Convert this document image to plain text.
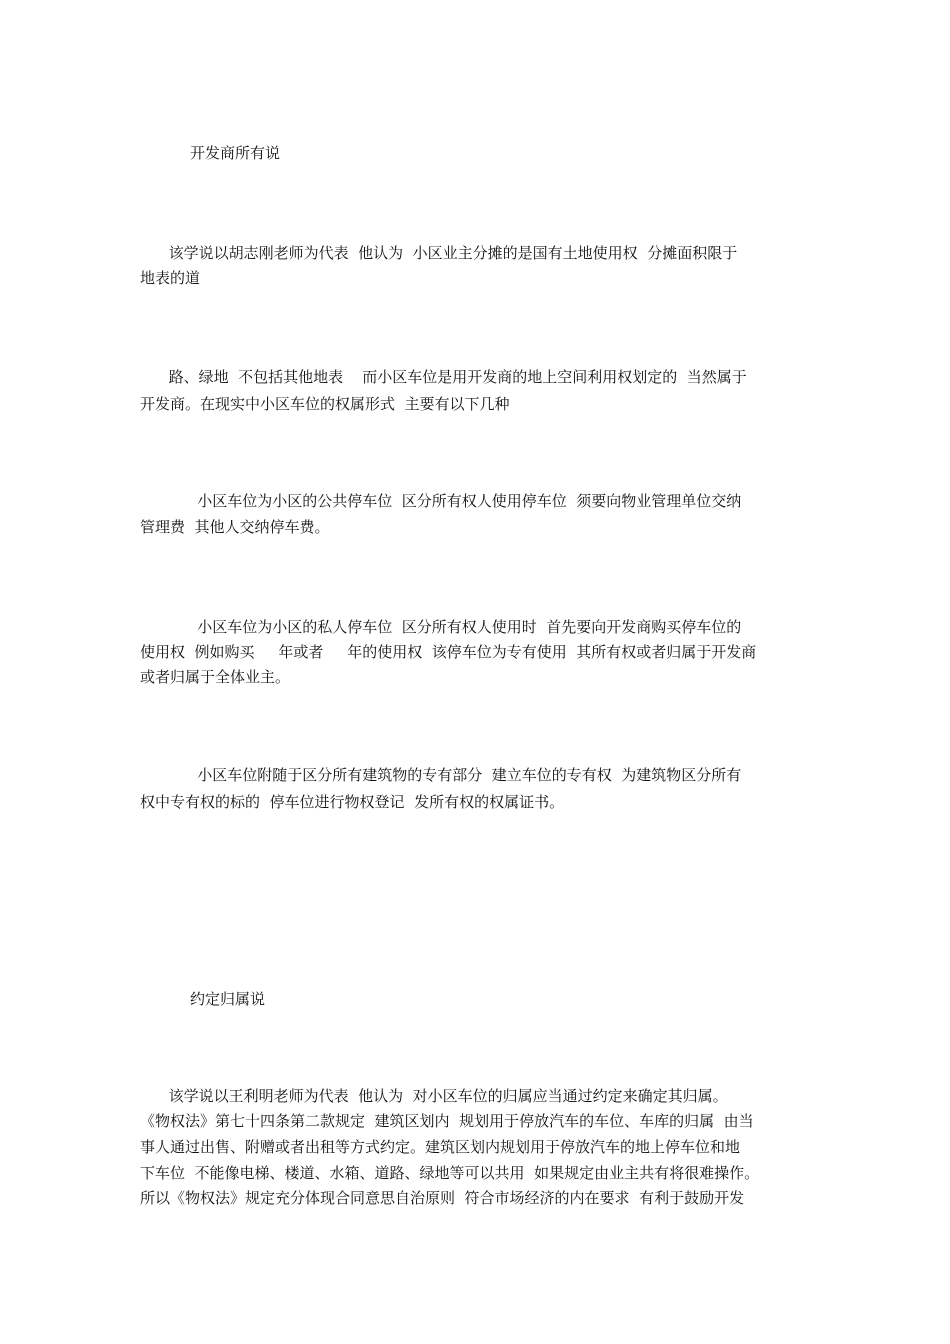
开发商所有说
该学说以胡志刚老师为代表  他认为  小区业主分摊的是国有土地使用权  分摊面积限于
地表的道
路、绿地  不包括其他地表    而小区车位是用开发商的地上空间利用权划定的  当然属于
开发商。在现实中小区车位的权属形式  主要有以下几种
小区车位为小区的公共停车位  区分所有权人使用停车位  须要向物业管理单位交纳
管理费  其他人交纳停车费。
小区车位为小区的私人停车位  区分所有权人使用时  首先要向开发商购买停车位的
使用权  例如购买     年或者     年的使用权  该停车位为专有使用  其所有权或者归属于开发商
或者归属于全体业主。
小区车位附随于区分所有建筑物的专有部分  建立车位的专有权  为建筑物区分所有
权中专有权的标的  停车位进行物权登记  发所有权的权属证书。
约定归属说
该学说以王利明老师为代表  他认为  对小区车位的归属应当通过约定来确定其归属。
《物权法》第七十四条第二款规定  建筑区划内  规划用于停放汽车的车位、车库的归属  由当
事人通过出售、附赠或者出租等方式约定。建筑区划内规划用于停放汽车的地上停车位和地
下车位  不能像电梯、楼道、水箱、道路、绿地等可以共用  如果规定由业主共有将很难操作。
所以《物权法》规定充分体现合同意思自治原则  符合市场经济的内在要求  有利于鼓励开发
